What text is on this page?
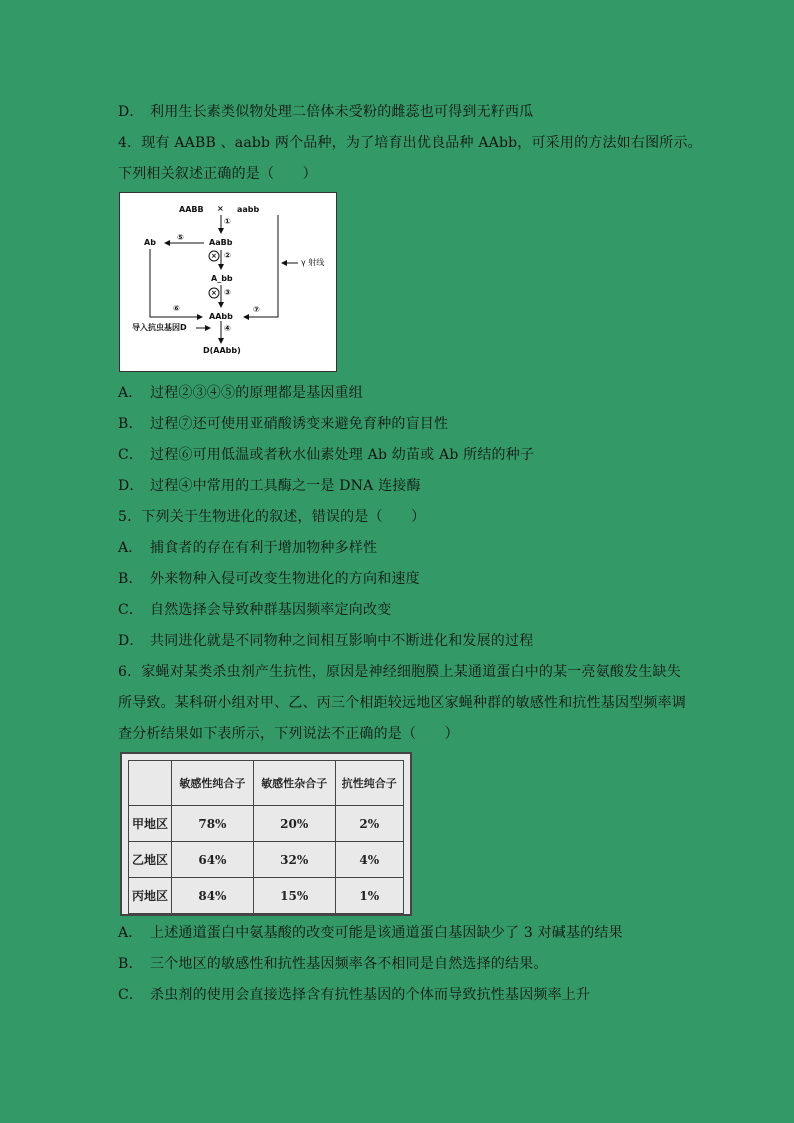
D． 利用生长素类似物处理二倍体未受粉的雌蕊也可得到无籽西瓜
4．现有 AABB 、aabb 两个品种，为了培育出优良品种 AAbb，可采用的方法如右图所示。
下列相关叙述正确的是（　　）
AABB × aabb
①
AaBb
× ②
A_bb
× ③
AAbb
④
D(AAbb)
Ab
⑤
⑥	⑦
导入抗虫基因D
γ 射线
A． 过程②③④⑤的原理都是基因重组
B． 过程⑦还可使用亚硝酸诱变来避免育种的盲目性
C． 过程⑥可用低温或者秋水仙素处理 Ab 幼苗或 Ab 所结的种子
D． 过程④中常用的工具酶之一是 DNA 连接酶
5．下列关于生物进化的叙述，错误的是（　　）
A． 捕食者的存在有利于增加物种多样性
B． 外来物种入侵可改变生物进化的方向和速度
C． 自然选择会导致种群基因频率定向改变
D． 共同进化就是不同物种之间相互影响中不断进化和发展的过程
6．家蝇对某类杀虫剂产生抗性，原因是神经细胞膜上某通道蛋白中的某一亮氨酸发生缺失
所导致。某科研小组对甲、乙、丙三个相距较远地区家蝇种群的敏感性和抗性基因型频率调
查分析结果如下表所示，下列说法不正确的是（　　）
	敏感性纯合子	敏感性杂合子	抗性纯合子
甲地区	78%	20%	2%
乙地区	64%	32%	4%
丙地区	84%	15%	1%
A． 上述通道蛋白中氨基酸的改变可能是该通道蛋白基因缺少了 3 对碱基的结果
B． 三个地区的敏感性和抗性基因频率各不相同是自然选择的结果。
C． 杀虫剂的使用会直接选择含有抗性基因的个体而导致抗性基因频率上升
